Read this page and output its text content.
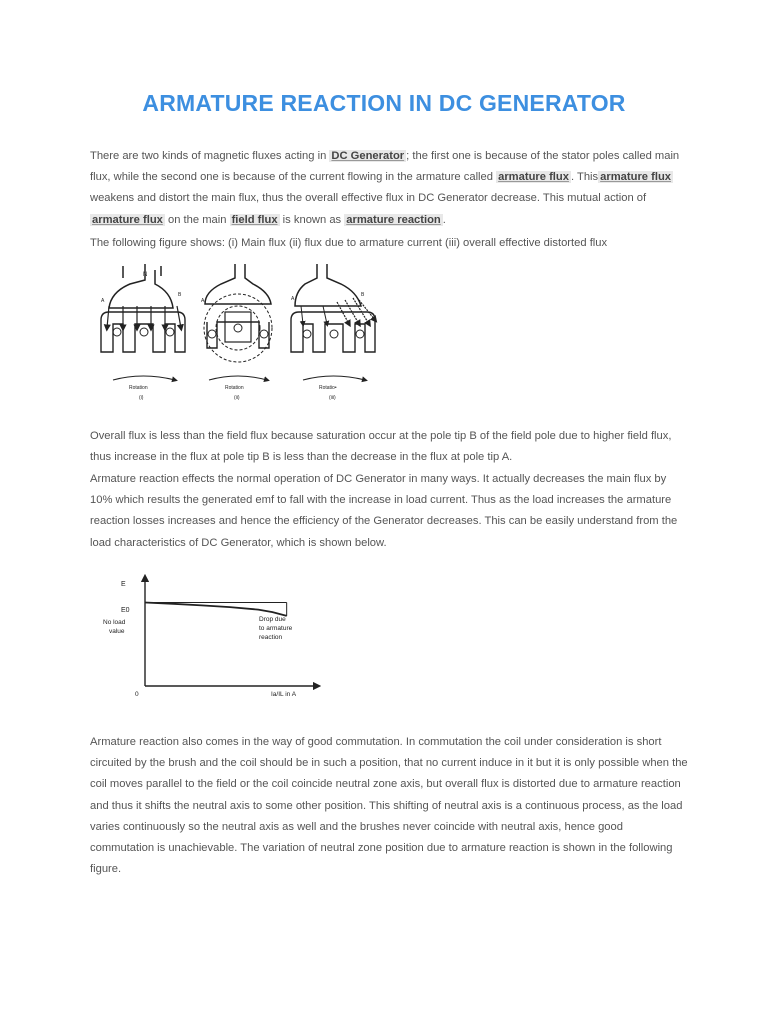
ARMATURE REACTION IN DC GENERATOR

There are two kinds of magnetic fluxes acting in DC Generator ; the first one is because of the stator poles called main flux, while the second one is because of the current flowing in the armature called armature flux . This armature flux weakens and distort the main flux, thus the overall effective flux in DC Generator decrease. This mutual action of armature flux on the main field flux is known as armature reaction .

The following figure shows: (i) Main flux (ii) flux due to armature current (iii) overall effective distorted flux

N
A
B
Rotation
(i)
A
Rotation
(ii)
A
B
Rotatio•
(iii)

Overall flux is less than the field flux because saturation occur at the pole tip B of the field pole due to higher field flux, thus increase in the flux at pole tip B is less than the decrease in the flux at pole tip A.

Armature reaction effects the normal operation of DC Generator in many ways. It actually decreases the main flux by 10% which results the generated emf to fall with the increase in load current. Thus as the load increases the armature reaction losses increases and hence the efficiency of the Generator decreases. This can be easily understand from the load characteristics of DC Generator, which is shown below.

E
E0
No load
value
0	Ia/IL in A
Drop due
to armature
reaction

Armature reaction also comes in the way of good commutation. In commutation the coil under consideration is short circuited by the brush and the coil should be in such a position, that no current induce in it but it is only possible when the coil moves parallel to the field or the coil coincide neutral zone axis, but overall flux is distorted due to armature reaction and thus it shifts the neutral axis to some other position. This shifting of neutral axis is a continuous process, as the load varies continuously so the neutral axis as well and the brushes never coincide with neutral axis, hence good commutation is unachievable. The variation of neutral zone position due to armature reaction is shown in the following figure.
